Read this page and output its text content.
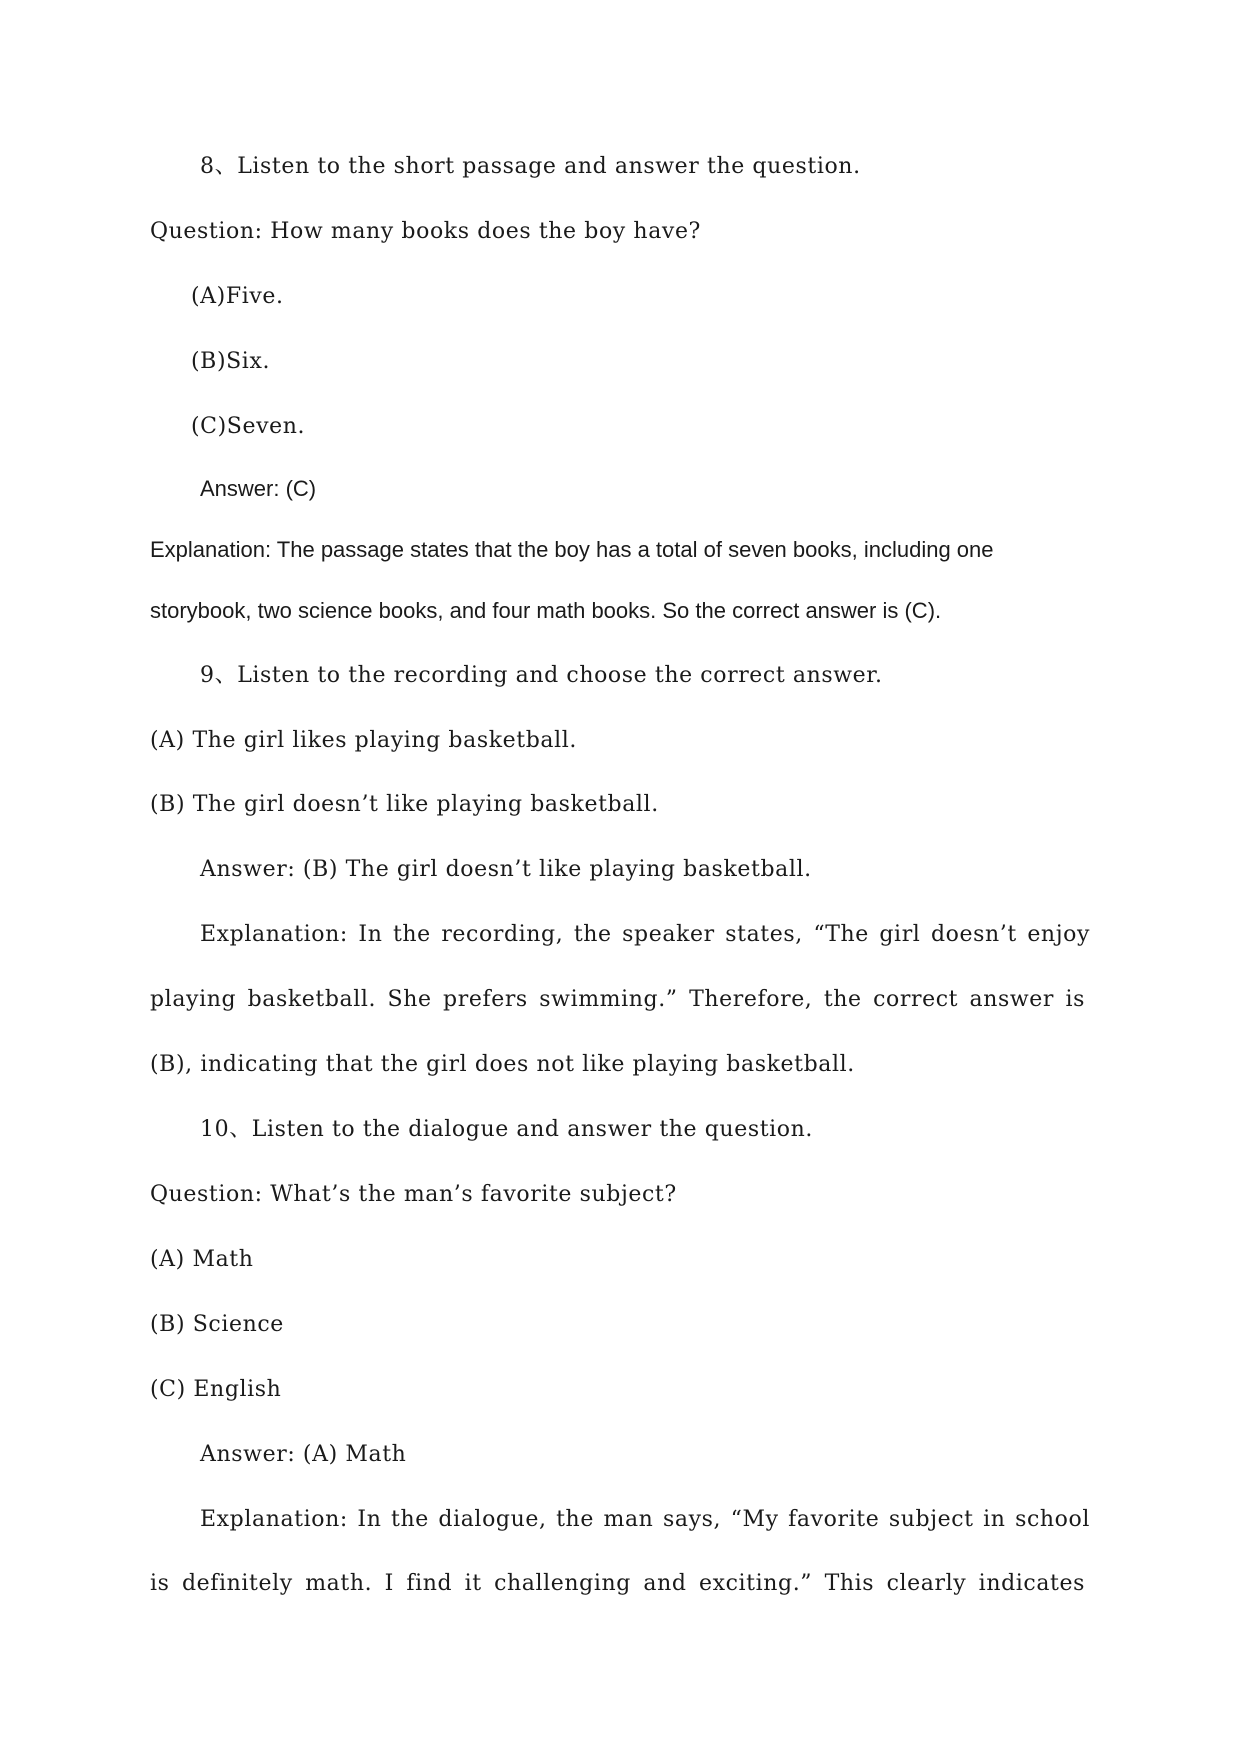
8、Listen to the short passage and answer the question.
Question: How many books does the boy have?
(A)Five.
(B)Six.
(C)Seven.
Answer: (C)
Explanation: The passage states that the boy has a total of seven books, including one
storybook, two science books, and four math books. So the correct answer is (C).
9、Listen to the recording and choose the correct answer.
(A) The girl likes playing basketball.
(B) The girl doesn’t like playing basketball.
Answer: (B) The girl doesn’t like playing basketball.
Explanation: In the recording, the speaker states, “The girl doesn’t enjoy
playing basketball. She prefers swimming.” Therefore, the correct answer is
(B), indicating that the girl does not like playing basketball.
10、Listen to the dialogue and answer the question.
Question: What’s the man’s favorite subject?
(A) Math
(B) Science
(C) English
Answer: (A) Math
Explanation: In the dialogue, the man says, “My favorite subject in school
is definitely math. I find it challenging and exciting.” This clearly indicates
